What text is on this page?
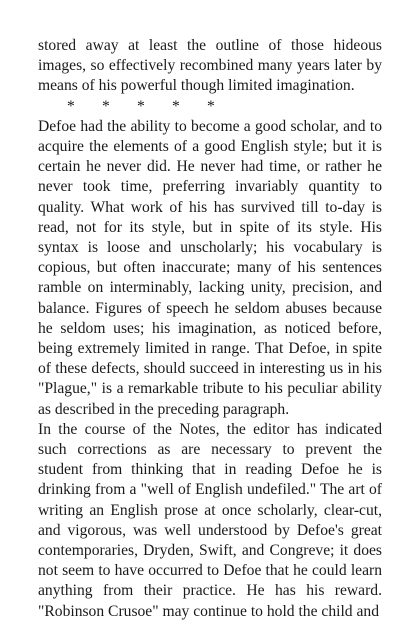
stored away at least the outline of those hideous images, so effectively recombined many years later by means of his powerful though limited imagination.

* * * * *

Defoe had the ability to become a good scholar, and to acquire the elements of a good English style; but it is certain he never did. He never had time, or rather he never took time, preferring invariably quantity to quality. What work of his has survived till to-day is read, not for its style, but in spite of its style. His syntax is loose and unscholarly; his vocabulary is copious, but often inaccurate; many of his sentences ramble on interminably, lacking unity, precision, and balance. Figures of speech he seldom abuses because he seldom uses; his imagination, as noticed before, being extremely limited in range. That Defoe, in spite of these defects, should succeed in interesting us in his "Plague," is a remarkable tribute to his peculiar ability as described in the preceding paragraph.

In the course of the Notes, the editor has indicated such corrections as are necessary to prevent the student from thinking that in reading Defoe he is drinking from a "well of English undefiled." The art of writing an English prose at once scholarly, clear-cut, and vigorous, was well understood by Defoe's great contemporaries, Dryden, Swift, and Congreve; it does not seem to have occurred to Defoe that he could learn anything from their practice. He has his reward. "Robinson Crusoe" may continue to hold the child and
